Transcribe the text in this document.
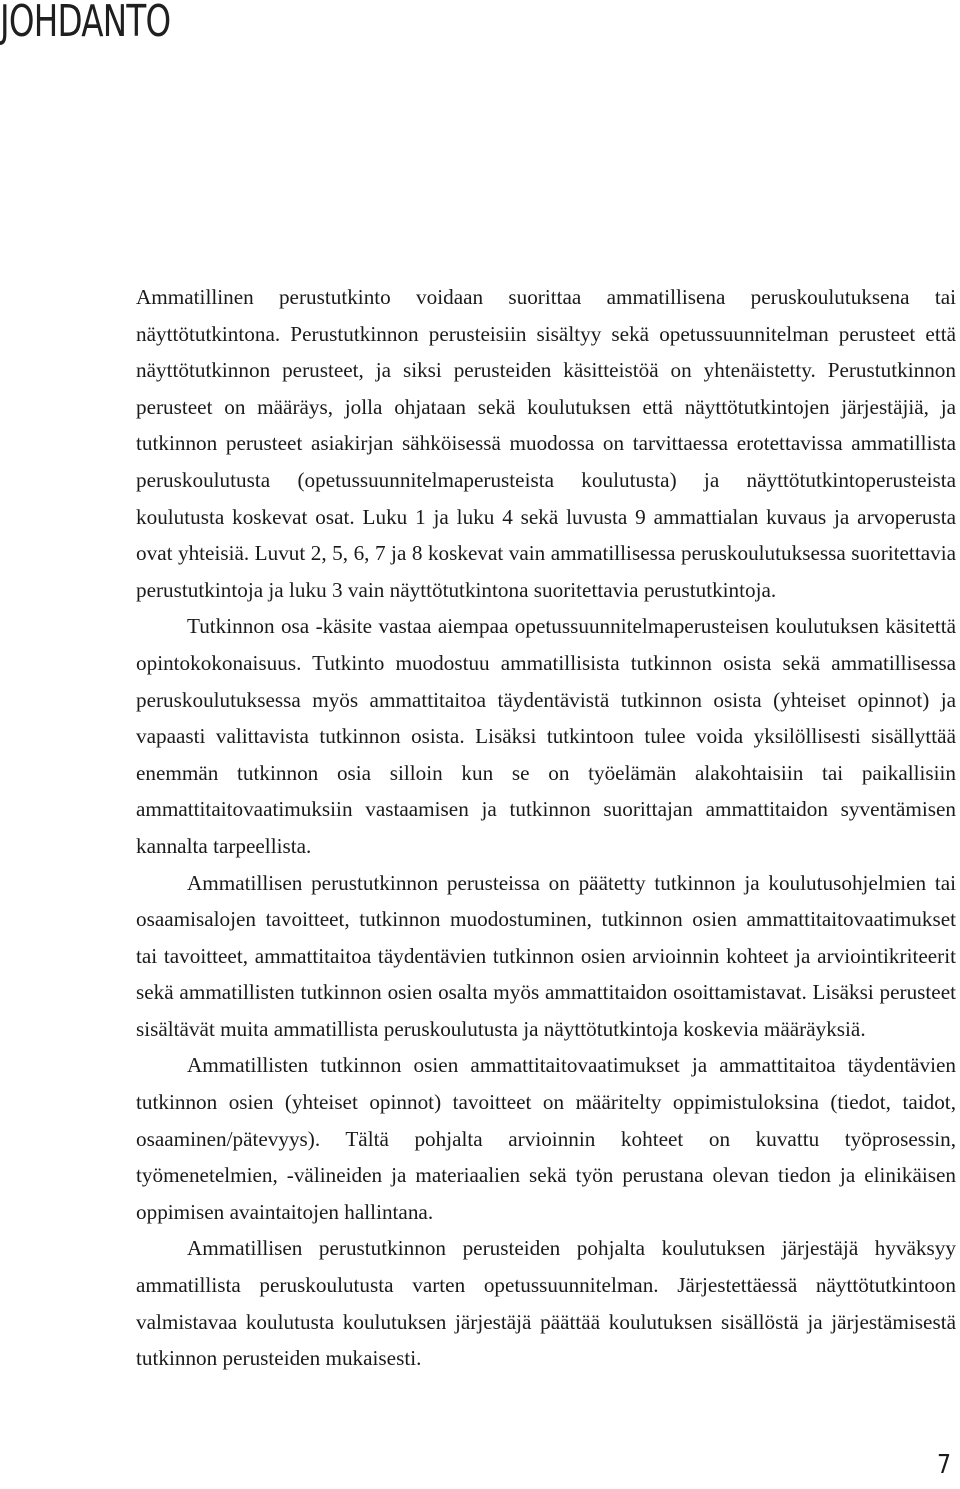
JOHDANTO

Ammatillinen perustutkinto voidaan suorittaa ammatillisena peruskoulutuksena tai näyttötutkintona. Perustutkinnon perusteisiin sisältyy sekä opetussuunnitelman perusteet että näyttötutkinnon perusteet, ja siksi perusteiden käsitteistöä on yhtenäistetty. Perustutkinnon perusteet on määräys, jolla ohjataan sekä koulutuksen että näyttötutkintojen järjestäjiä, ja tutkinnon perusteet asiakirjan sähköisessä muodossa on tarvittaessa erotettavissa ammatillista peruskoulutusta (opetussuunnitelmaperusteista koulutusta) ja näyttötutkintoperusteista koulutusta koskevat osat. Luku 1 ja luku 4 sekä luvusta 9 ammattialan kuvaus ja arvoperusta ovat yhteisiä. Luvut 2, 5, 6, 7 ja 8 koskevat vain ammatillisessa peruskoulutuksessa suoritettavia perustutkintoja ja luku 3 vain näyttötutkintona suoritettavia perustutkintoja.

Tutkinnon osa -käsite vastaa aiempaa opetussuunnitelmaperusteisen koulutuksen käsitettä opintokokonaisuus. Tutkinto muodostuu ammatillisista tutkinnon osista sekä ammatillisessa peruskoulutuksessa myös ammattitaitoa täydentävistä tutkinnon osista (yhteiset opinnot) ja vapaasti valittavista tutkinnon osista. Lisäksi tutkintoon tulee voida yksilöllisesti sisällyttää enemmän tutkinnon osia silloin kun se on työelämän alakohtaisiin tai paikallisiin ammattitaitovaatimuksiin vastaamisen ja tutkinnon suorittajan ammattitaidon syventämisen kannalta tarpeellista.

Ammatillisen perustutkinnon perusteissa on päätetty tutkinnon ja koulutusohjelmien tai osaamisalojen tavoitteet, tutkinnon muodostuminen, tutkinnon osien ammattitaitovaatimukset tai tavoitteet, ammattitaitoa täydentävien tutkinnon osien arvioinnin kohteet ja arviointikriteerit sekä ammatillisten tutkinnon osien osalta myös ammattitaidon osoittamistavat. Lisäksi perusteet sisältävät muita ammatillista peruskoulutusta ja näyttötutkintoja koskevia määräyksiä.

Ammatillisten tutkinnon osien ammattitaitovaatimukset ja ammattitaitoa täydentävien tutkinnon osien (yhteiset opinnot) tavoitteet on määritelty oppimistuloksina (tiedot, taidot, osaaminen/pätevyys). Tältä pohjalta arvioinnin kohteet on kuvattu työprosessin, työmenetelmien, -välineiden ja materiaalien sekä työn perustana olevan tiedon ja elinikäisen oppimisen avaintaitojen hallintana.

Ammatillisen perustutkinnon perusteiden pohjalta koulutuksen järjestäjä hyväksyy ammatillista peruskoulutusta varten opetussuunnitelman. Järjestettäessä näyttötutkintoon valmistavaa koulutusta koulutuksen järjestäjä päättää koulutuksen sisällöstä ja järjestämisestä tutkinnon perusteiden mukaisesti.

7
